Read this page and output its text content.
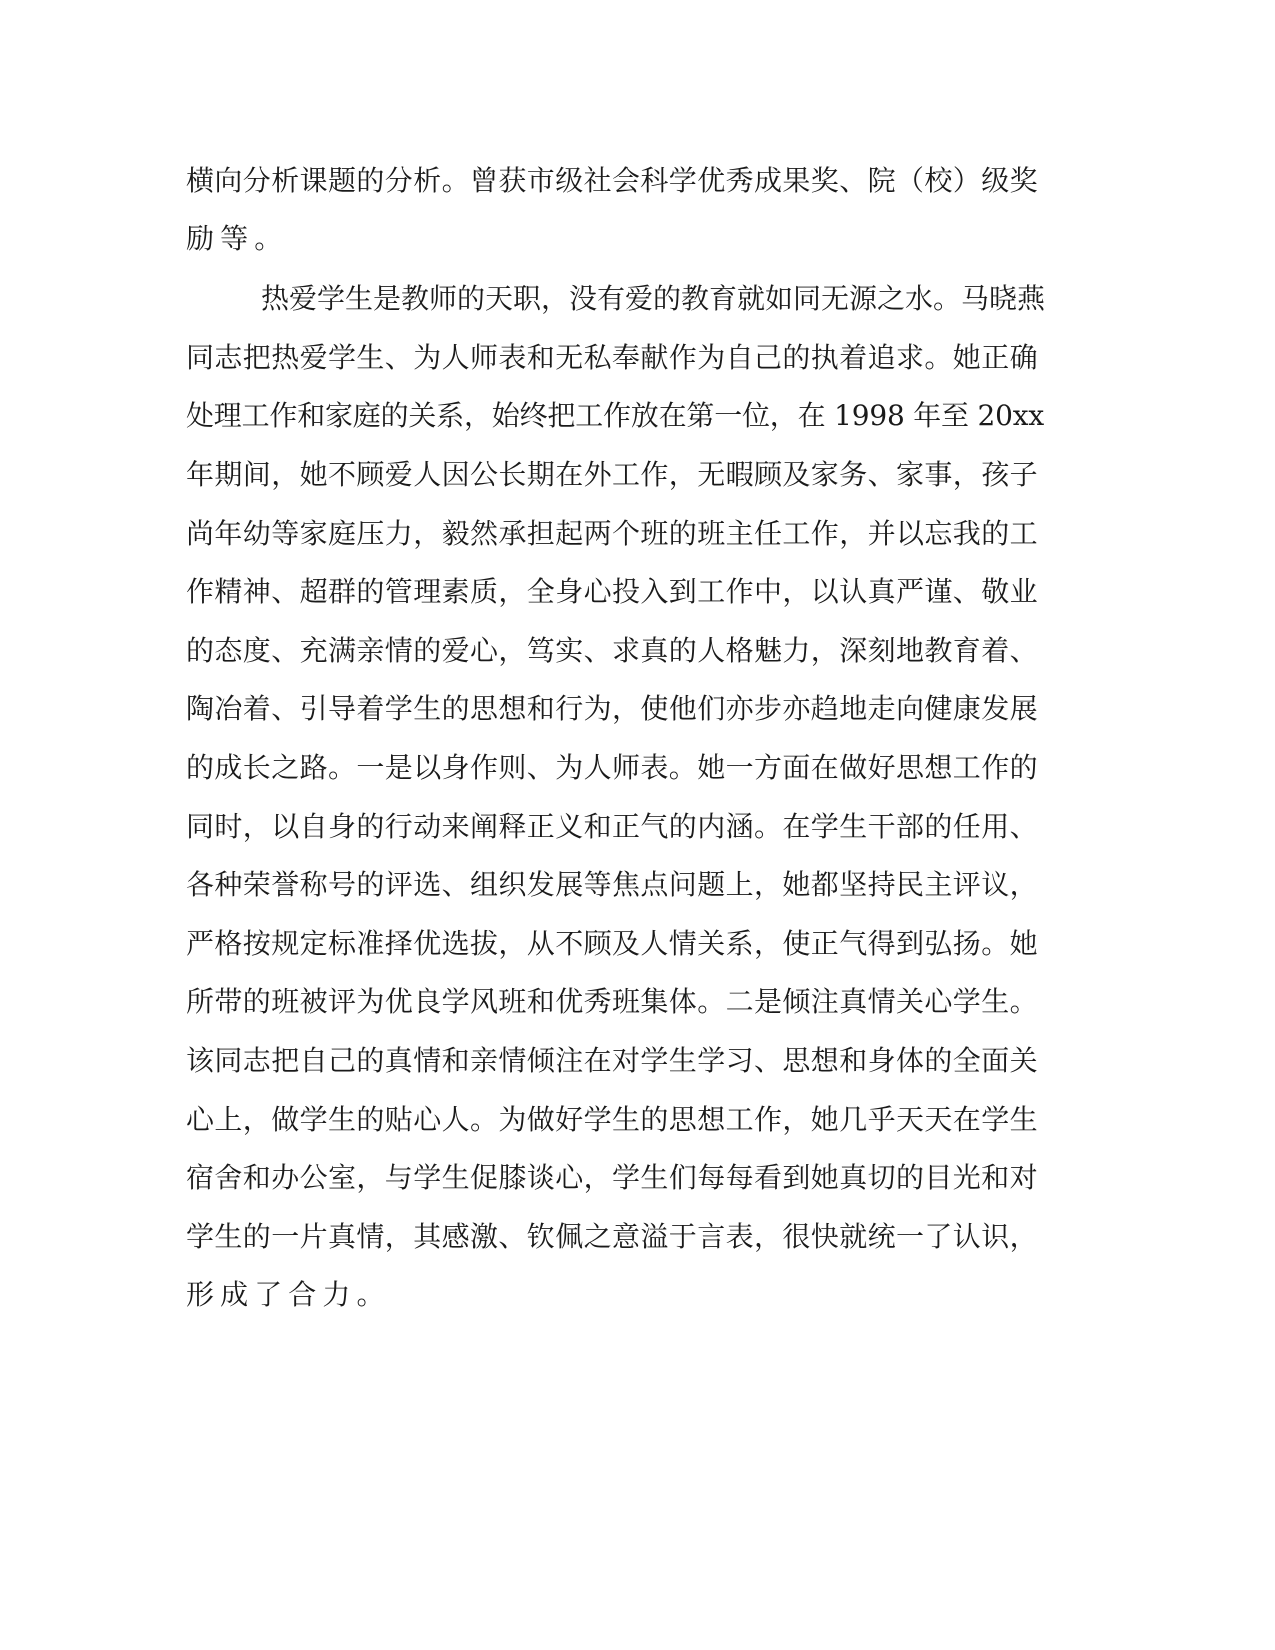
横向分析课题的分析。曾获市级社会科学优秀成果奖、院（校）级奖
励等。
热爱学生是教师的天职，没有爱的教育就如同无源之水。马晓燕
同志把热爱学生、为人师表和无私奉献作为自己的执着追求。她正确
处理工作和家庭的关系，始终把工作放在第一位，在 1998 年至 20xx
年期间，她不顾爱人因公长期在外工作，无暇顾及家务、家事，孩子
尚年幼等家庭压力，毅然承担起两个班的班主任工作，并以忘我的工
作精神、超群的管理素质，全身心投入到工作中，以认真严谨、敬业
的态度、充满亲情的爱心，笃实、求真的人格魅力，深刻地教育着、
陶冶着、引导着学生的思想和行为，使他们亦步亦趋地走向健康发展
的成长之路。一是以身作则、为人师表。她一方面在做好思想工作的
同时，以自身的行动来阐释正义和正气的内涵。在学生干部的任用、
各种荣誉称号的评选、组织发展等焦点问题上，她都坚持民主评议，
严格按规定标准择优选拔，从不顾及人情关系，使正气得到弘扬。她
所带的班被评为优良学风班和优秀班集体。二是倾注真情关心学生。
该同志把自己的真情和亲情倾注在对学生学习、思想和身体的全面关
心上，做学生的贴心人。为做好学生的思想工作，她几乎天天在学生
宿舍和办公室，与学生促膝谈心，学生们每每看到她真切的目光和对
学生的一片真情，其感激、钦佩之意溢于言表，很快就统一了认识，
形成了合力。
